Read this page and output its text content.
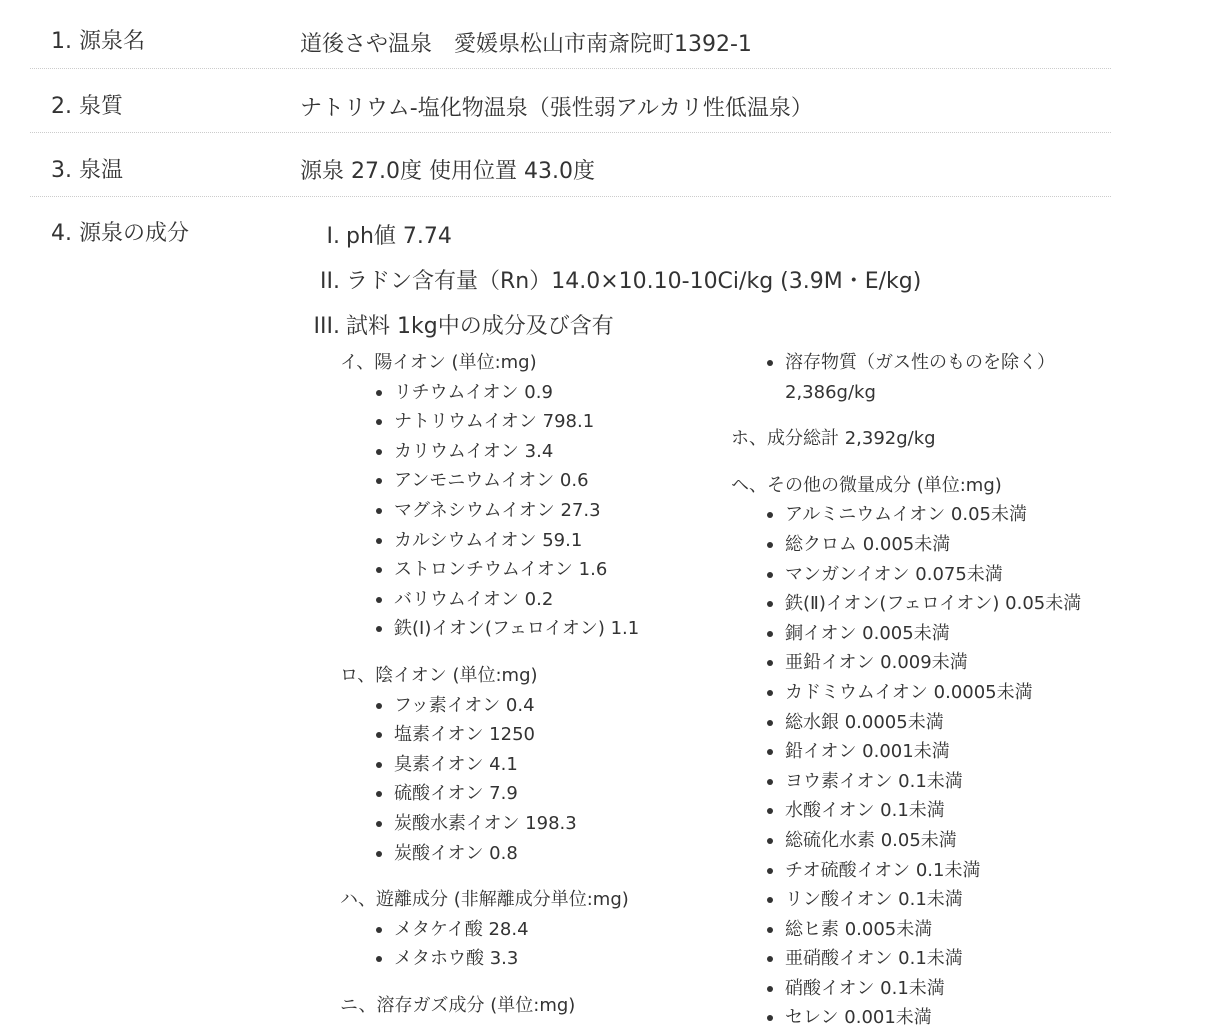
1. 源泉名	道後さや温泉　愛媛県松山市南斎院町1392-1
2. 泉質	ナトリウム-塩化物温泉（張性弱アルカリ性低温泉）
3. 泉温	源泉 27.0度 使用位置 43.0度
4. 源泉の成分	I. ph値 7.74
II. ラドン含有量（Rn）14.0×10.10-10Ci/kg (3.9M・E/kg)
III. 試料 1kg中の成分及び含有
イ、陽イオン (単位:mg)
リチウムイオン 0.9
ナトリウムイオン 798.1
カリウムイオン 3.4
アンモニウムイオン 0.6
マグネシウムイオン 27.3
カルシウムイオン 59.1
ストロンチウムイオン 1.6
バリウムイオン 0.2
鉄(I)イオン(フェロイオン) 1.1
ロ、陰イオン (単位:mg)
フッ素イオン 0.4
塩素イオン 1250
臭素イオン 4.1
硫酸イオン 7.9
炭酸水素イオン 198.3
炭酸イオン 0.8
ハ、遊離成分 (非解離成分単位:mg)
メタケイ酸 28.4
メタホウ酸 3.3
ニ、溶存ガズ成分 (単位:mg)
溶存物質（ガス性のものを除く）
2,386g/kg
ホ、成分総計 2,392g/kg
ヘ、その他の微量成分 (単位:mg)
アルミニウムイオン 0.05未満
総クロム 0.005未満
マンガンイオン 0.075未満
鉄(Ⅱ)イオン(フェロイオン) 0.05未満
銅イオン 0.005未満
亜鉛イオン 0.009未満
カドミウムイオン 0.0005未満
総水銀 0.0005未満
鉛イオン 0.001未満
ヨウ素イオン 0.1未満
水酸イオン 0.1未満
総硫化水素 0.05未満
チオ硫酸イオン 0.1未満
リン酸イオン 0.1未満
総ヒ素 0.005未満
亜硝酸イオン 0.1未満
硝酸イオン 0.1未満
セレン 0.001未満
